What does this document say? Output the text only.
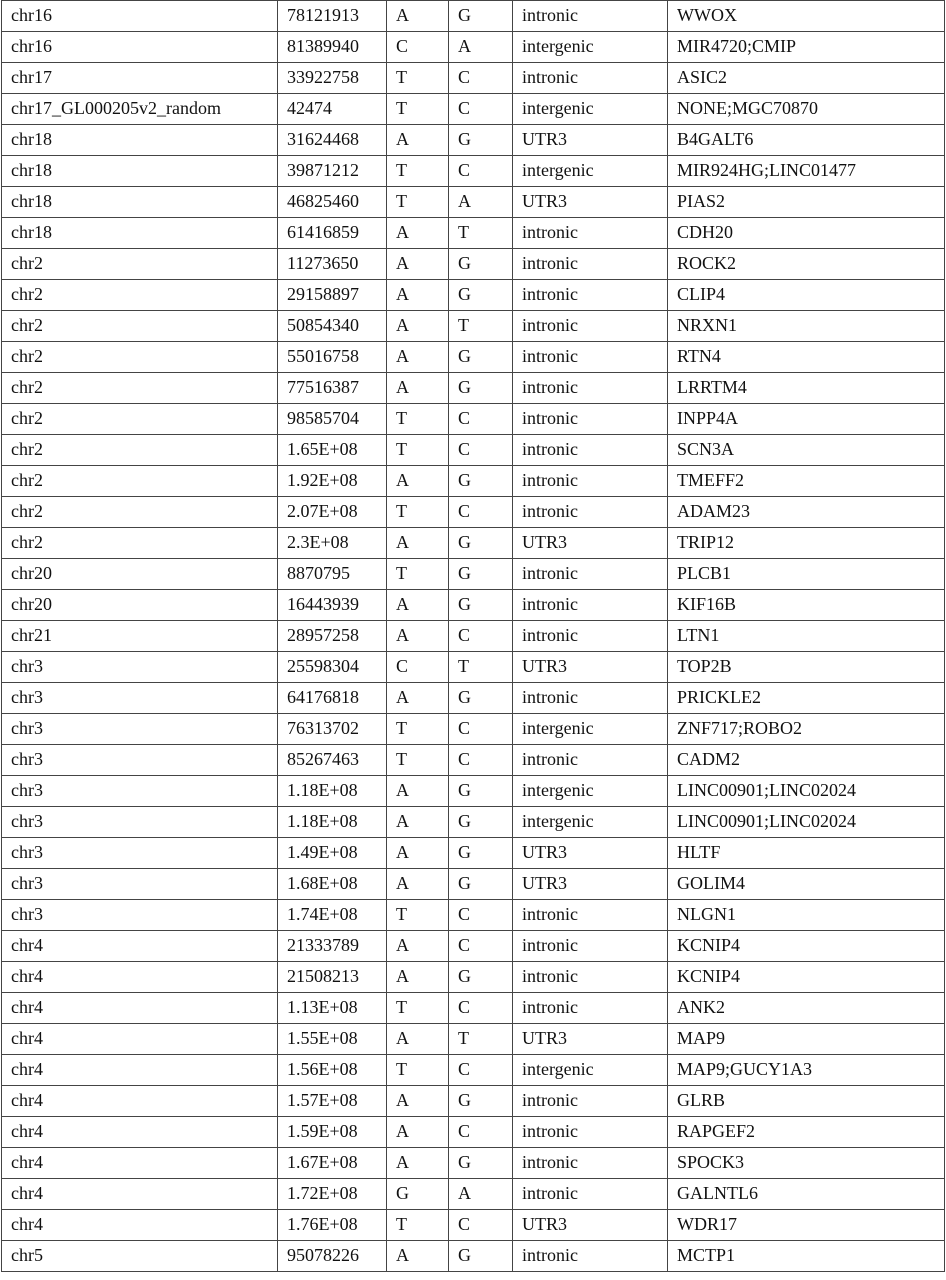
chr16	78121913	A	G	intronic	WWOX
chr16	81389940	C	A	intergenic	MIR4720;CMIP
chr17	33922758	T	C	intronic	ASIC2
chr17_GL000205v2_random	42474	T	C	intergenic	NONE;MGC70870
chr18	31624468	A	G	UTR3	B4GALT6
chr18	39871212	T	C	intergenic	MIR924HG;LINC01477
chr18	46825460	T	A	UTR3	PIAS2
chr18	61416859	A	T	intronic	CDH20
chr2	11273650	A	G	intronic	ROCK2
chr2	29158897	A	G	intronic	CLIP4
chr2	50854340	A	T	intronic	NRXN1
chr2	55016758	A	G	intronic	RTN4
chr2	77516387	A	G	intronic	LRRTM4
chr2	98585704	T	C	intronic	INPP4A
chr2	1.65E+08	T	C	intronic	SCN3A
chr2	1.92E+08	A	G	intronic	TMEFF2
chr2	2.07E+08	T	C	intronic	ADAM23
chr2	2.3E+08	A	G	UTR3	TRIP12
chr20	8870795	T	G	intronic	PLCB1
chr20	16443939	A	G	intronic	KIF16B
chr21	28957258	A	C	intronic	LTN1
chr3	25598304	C	T	UTR3	TOP2B
chr3	64176818	A	G	intronic	PRICKLE2
chr3	76313702	T	C	intergenic	ZNF717;ROBO2
chr3	85267463	T	C	intronic	CADM2
chr3	1.18E+08	A	G	intergenic	LINC00901;LINC02024
chr3	1.18E+08	A	G	intergenic	LINC00901;LINC02024
chr3	1.49E+08	A	G	UTR3	HLTF
chr3	1.68E+08	A	G	UTR3	GOLIM4
chr3	1.74E+08	T	C	intronic	NLGN1
chr4	21333789	A	C	intronic	KCNIP4
chr4	21508213	A	G	intronic	KCNIP4
chr4	1.13E+08	T	C	intronic	ANK2
chr4	1.55E+08	A	T	UTR3	MAP9
chr4	1.56E+08	T	C	intergenic	MAP9;GUCY1A3
chr4	1.57E+08	A	G	intronic	GLRB
chr4	1.59E+08	A	C	intronic	RAPGEF2
chr4	1.67E+08	A	G	intronic	SPOCK3
chr4	1.72E+08	G	A	intronic	GALNTL6
chr4	1.76E+08	T	C	UTR3	WDR17
chr5	95078226	A	G	intronic	MCTP1
